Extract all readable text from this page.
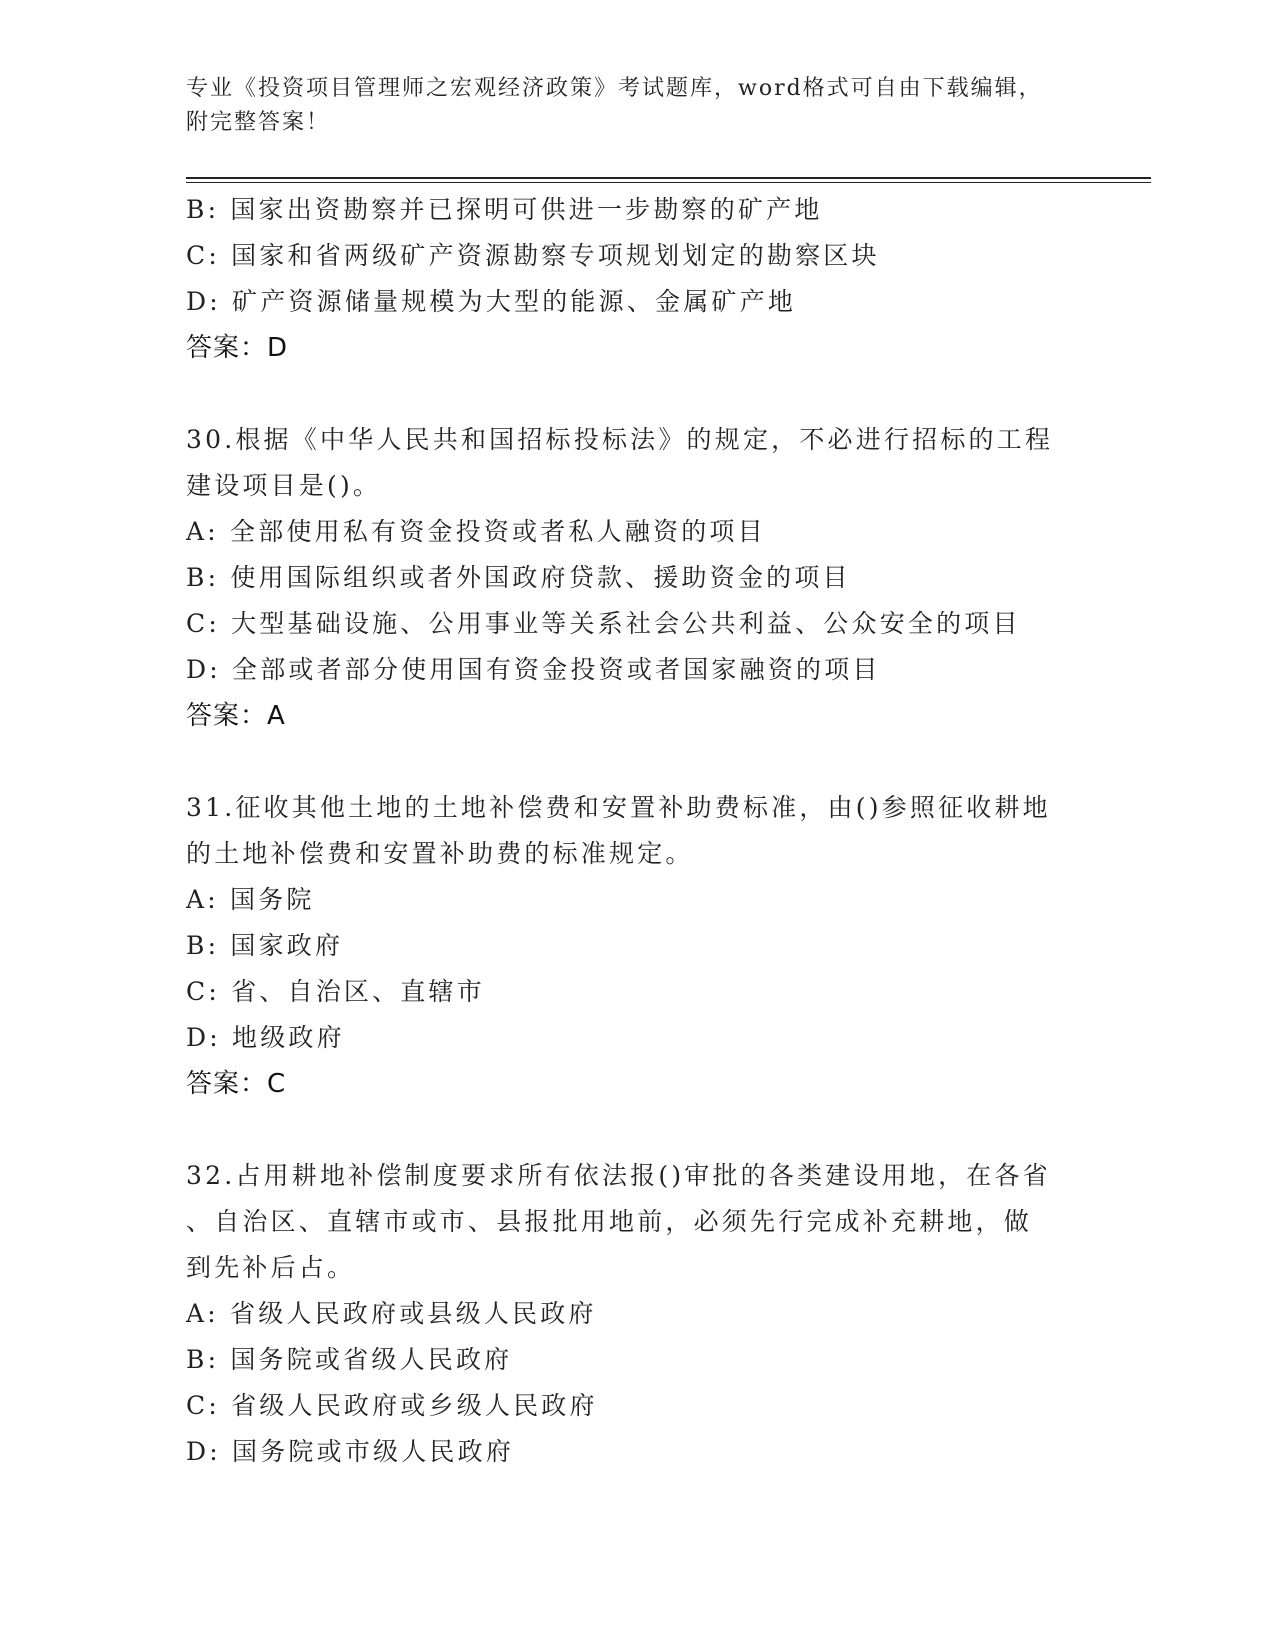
专业《投资项目管理师之宏观经济政策》考试题库，word格式可自由下载编辑，
附完整答案！
B: 国家出资勘察并已探明可供进一步勘察的矿产地
C: 国家和省两级矿产资源勘察专项规划划定的勘察区块
D: 矿产资源储量规模为大型的能源、金属矿产地
答案：D
30.根据《中华人民共和国招标投标法》的规定，不必进行招标的工程
建设项目是()。
A: 全部使用私有资金投资或者私人融资的项目
B: 使用国际组织或者外国政府贷款、援助资金的项目
C: 大型基础设施、公用事业等关系社会公共利益、公众安全的项目
D: 全部或者部分使用国有资金投资或者国家融资的项目
答案：A
31.征收其他土地的土地补偿费和安置补助费标准，由()参照征收耕地
的土地补偿费和安置补助费的标准规定。
A: 国务院
B: 国家政府
C: 省、自治区、直辖市
D: 地级政府
答案：C
32.占用耕地补偿制度要求所有依法报()审批的各类建设用地，在各省
、自治区、直辖市或市、县报批用地前，必须先行完成补充耕地，做
到先补后占。
A: 省级人民政府或县级人民政府
B: 国务院或省级人民政府
C: 省级人民政府或乡级人民政府
D: 国务院或市级人民政府
